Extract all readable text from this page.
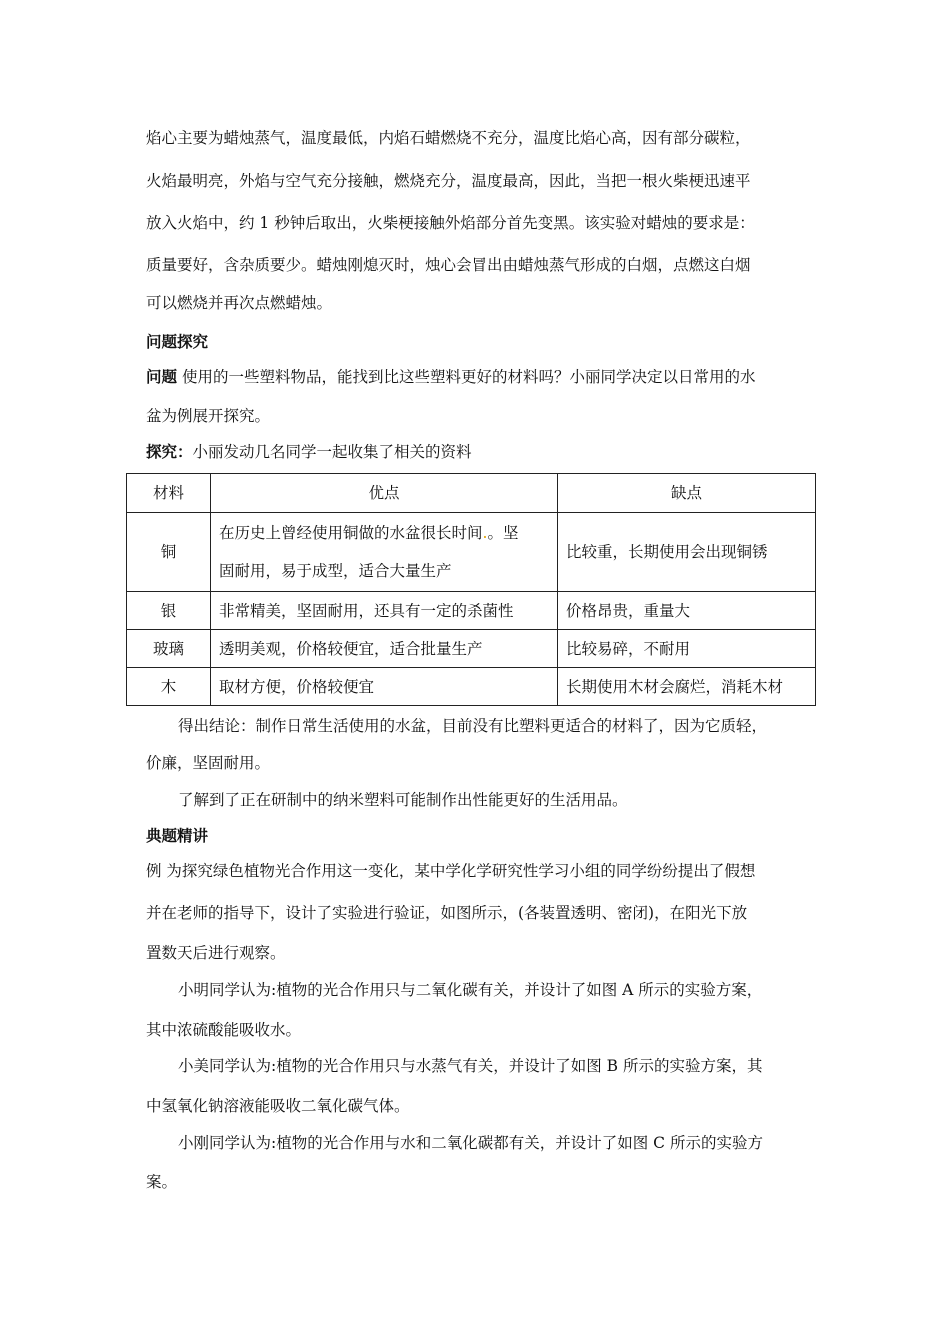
焰心主要为蜡烛蒸气，温度最低，内焰石蜡燃烧不充分，温度比焰心高，因有部分碳粒，
火焰最明亮，外焰与空气充分接触，燃烧充分，温度最高，因此，当把一根火柴梗迅速平
放入火焰中，约 1 秒钟后取出，火柴梗接触外焰部分首先变黑。该实验对蜡烛的要求是：
质量要好，含杂质要少。蜡烛刚熄灭时，烛心会冒出由蜡烛蒸气形成的白烟，点燃这白烟
可以燃烧并再次点燃蜡烛。
问题探究
问题 使用的一些塑料物品，能找到比这些塑料更好的材料吗？小丽同学决定以日常用的水
盆为例展开探究。
探究：小丽发动几名同学一起收集了相关的资料
材料	优点	缺点
铜	在历史上曾经使用铜做的水盆很长时间.。坚
固耐用，易于成型，适合大量生产	比较重，长期使用会出现铜锈
银	非常精美，坚固耐用，还具有一定的杀菌性	价格昂贵，重量大
玻璃	透明美观，价格较便宜，适合批量生产	比较易碎，不耐用
木	取材方便，价格较便宜	长期使用木材会腐烂，消耗木材
得出结论：制作日常生活使用的水盆，目前没有比塑料更适合的材料了，因为它质轻，
价廉，坚固耐用。
了解到了正在研制中的纳米塑料可能制作出性能更好的生活用品。
典题精讲
例 为探究绿色植物光合作用这一变化，某中学化学研究性学习小组的同学纷纷提出了假想
并在老师的指导下，设计了实验进行验证，如图所示，(各装置透明、密闭)，在阳光下放
置数天后进行观察。
小明同学认为:植物的光合作用只与二氧化碳有关，并设计了如图 A 所示的实验方案，
其中浓硫酸能吸收水。
小美同学认为:植物的光合作用只与水蒸气有关，并设计了如图 B 所示的实验方案，其
中氢氧化钠溶液能吸收二氧化碳气体。
小刚同学认为:植物的光合作用与水和二氧化碳都有关，并设计了如图 C 所示的实验方
案。
